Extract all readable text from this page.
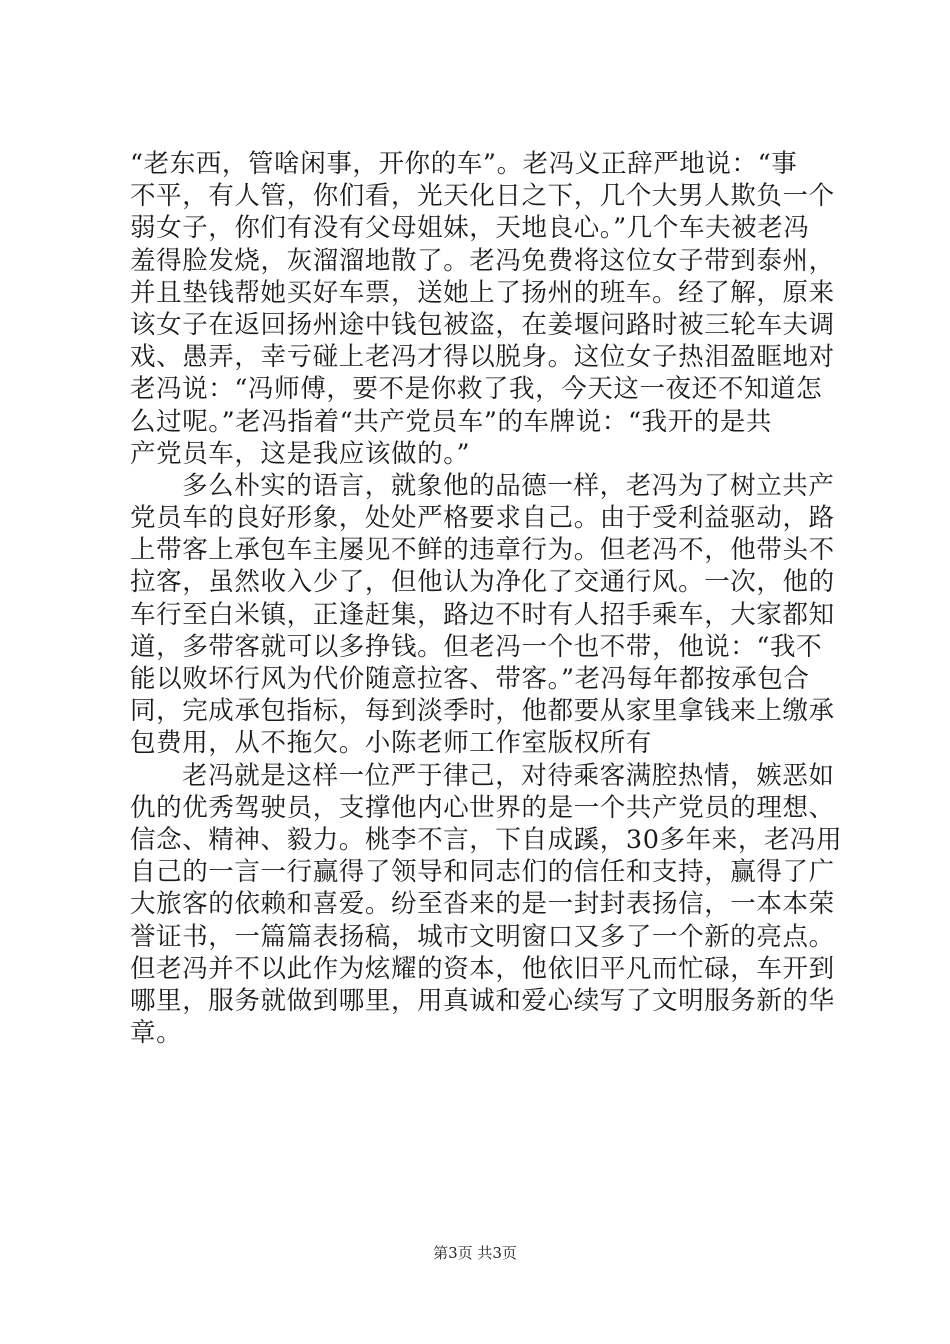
“老东西，管啥闲事，开你的车”。老冯义正辞严地说：“事
不平，有人管，你们看，光天化日之下，几个大男人欺负一个
弱女子，你们有没有父母姐妹，天地良心。”几个车夫被老冯
羞得脸发烧，灰溜溜地散了。老冯免费将这位女子带到泰州，
并且垫钱帮她买好车票，送她上了扬州的班车。经了解，原来
该女子在返回扬州途中钱包被盗，在姜堰问路时被三轮车夫调
戏、愚弄，幸亏碰上老冯才得以脱身。这位女子热泪盈眶地对
老冯说：“冯师傅，要不是你救了我，今天这一夜还不知道怎
么过呢。”老冯指着“共产党员车”的车牌说：“我开的是共
产党员车，这是我应该做的。”
多么朴实的语言，就象他的品德一样，老冯为了树立共产
党员车的良好形象，处处严格要求自己。由于受利益驱动，路
上带客上承包车主屡见不鲜的违章行为。但老冯不，他带头不
拉客，虽然收入少了，但他认为净化了交通行风。一次，他的
车行至白米镇，正逢赶集，路边不时有人招手乘车，大家都知
道，多带客就可以多挣钱。但老冯一个也不带，他说：“我不
能以败坏行风为代价随意拉客、带客。”老冯每年都按承包合
同，完成承包指标，每到淡季时，他都要从家里拿钱来上缴承
包费用，从不拖欠。小陈老师工作室版权所有
老冯就是这样一位严于律己，对待乘客满腔热情，嫉恶如
仇的优秀驾驶员，支撑他内心世界的是一个共产党员的理想、
信念、精神、毅力。桃李不言，下自成蹊，30多年来，老冯用
自己的一言一行赢得了领导和同志们的信任和支持，赢得了广
大旅客的依赖和喜爱。纷至沓来的是一封封表扬信，一本本荣
誉证书，一篇篇表扬稿，城市文明窗口又多了一个新的亮点。
但老冯并不以此作为炫耀的资本，他依旧平凡而忙碌，车开到
哪里，服务就做到哪里，用真诚和爱心续写了文明服务新的华
章。
第3页 共3页
